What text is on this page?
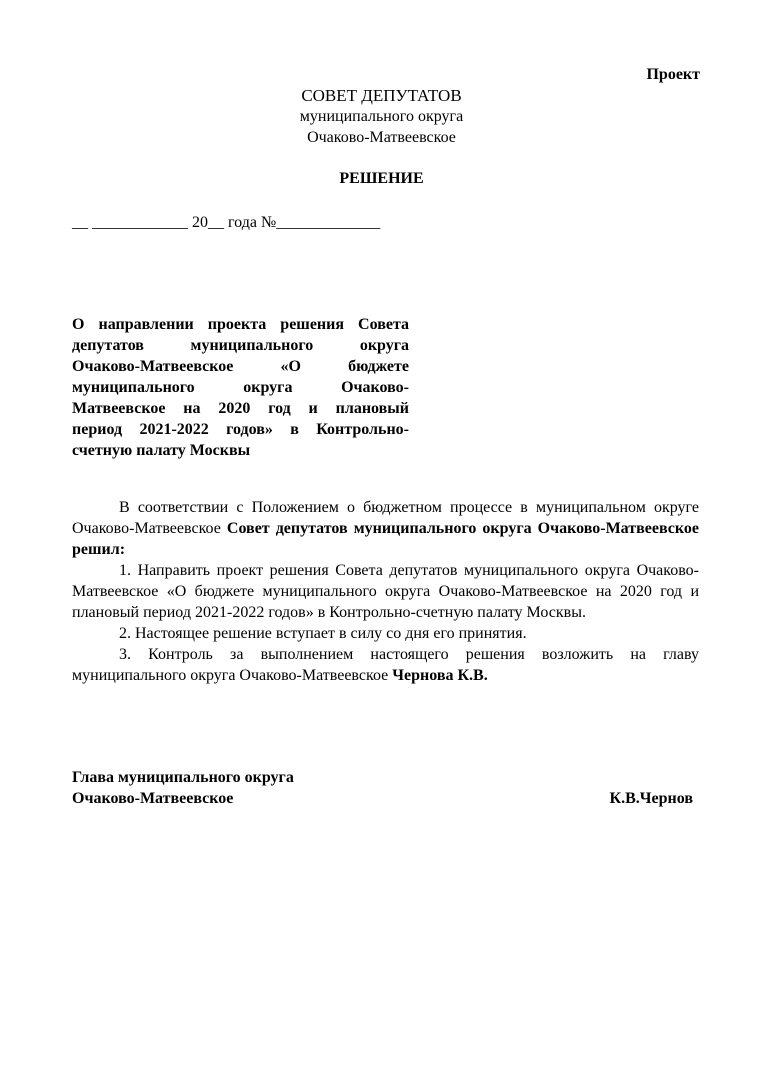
Проект
СОВЕТ ДЕПУТАТОВ
муниципального округа
Очаково-Матвеевское
РЕШЕНИЕ
__ ____________ 20__ года №_____________
О направлении проекта решения Совета
депутатов муниципального округа
Очаково-Матвеевское «О бюджете
муниципального округа Очаково-
Матвеевское на 2020 год и плановый
период 2021-2022 годов» в Контрольно-
счетную палату Москвы

В соответствии с Положением о бюджетном процессе в муниципальном округе Очаково-Матвеевское Совет депутатов муниципального округа Очаково-Матвеевское решил:

1. Направить проект решения Совета депутатов муниципального округа Очаково-Матвеевское «О бюджете муниципального округа Очаково-Матвеевское на 2020 год и плановый период 2021-2022 годов» в Контрольно-счетную палату Москвы.

2. Настоящее решение вступает в силу со дня его принятия.

3. Контроль за выполнением настоящего решения возложить на главу муниципального округа Очаково-Матвеевское Чернова К.В.

Глава муниципального округа
Очаково-Матвеевское	К.В.Чернов
